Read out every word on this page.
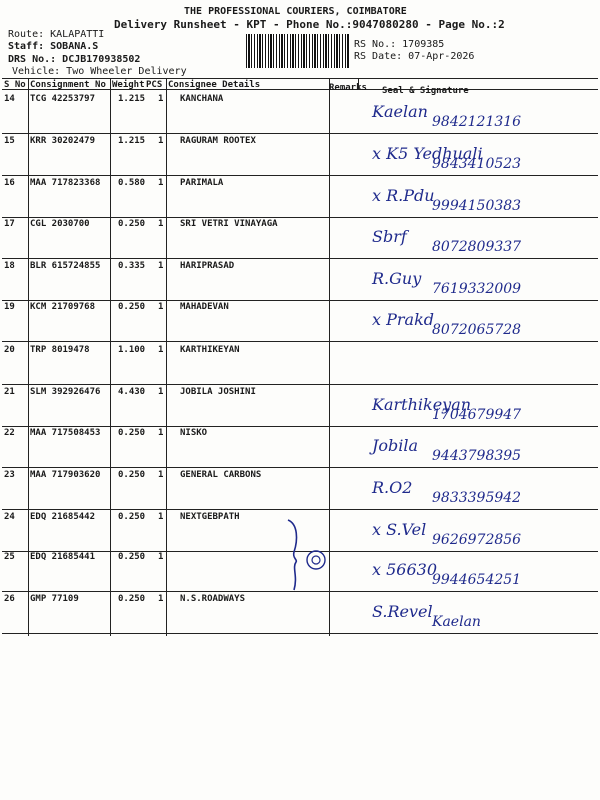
THE PROFESSIONAL COURIERS, COIMBATORE
Delivery Runsheet - KPT - Phone No.:9047080280 - Page No.:2
Route: KALAPATTI
Staff: SOBANA.S
DRS No.: DCJB170938502
Vehicle: Two Wheeler Delivery
RS No.: 1709385
RS Date: 07-Apr-2026
S No Consignment No Weight PCS Consignee Details	Remarks Seal & Signature
14 TCG 42253797	1.215 1 KANCHANA
Kaelan
9842121316
15 KRR 30202479	1.215 1 RAGURAM ROOTEX
x K5 Yedhuali
9843410523
16 MAA 717823368 0.580 1 PARIMALA
x R.Pdu
9994150383
17 CGL 2030700	0.250 1 SRI VETRI VINAYAGA
Sbrf
8072809337
18 BLR 615724855 0.335 1 HARIPRASAD
R.Guy
7619332009
19 KCM 21709768	0.250 1 MAHADEVAN
x Prakd
8072065728
20 TRP 8019478	1.100 1 KARTHIKEYAN
21 SLM 392926476 4.430 1 JOBILA JOSHINI
Karthikeyan
1704679947
22 MAA 717508453 0.250 1 NISKO
Jobila
9443798395
23 MAA 717903620 0.250 1 GENERAL CARBONS
R.O2
9833395942
24 EDQ 21685442	0.250 1 NEXTGEBPATH
x S.Vel
9626972856
25 EDQ 21685441	0.250 1
x 56630
9944654251
26 GMP 77109	0.250 1 N.S.ROADWAYS
S.Revel
Kaelan
